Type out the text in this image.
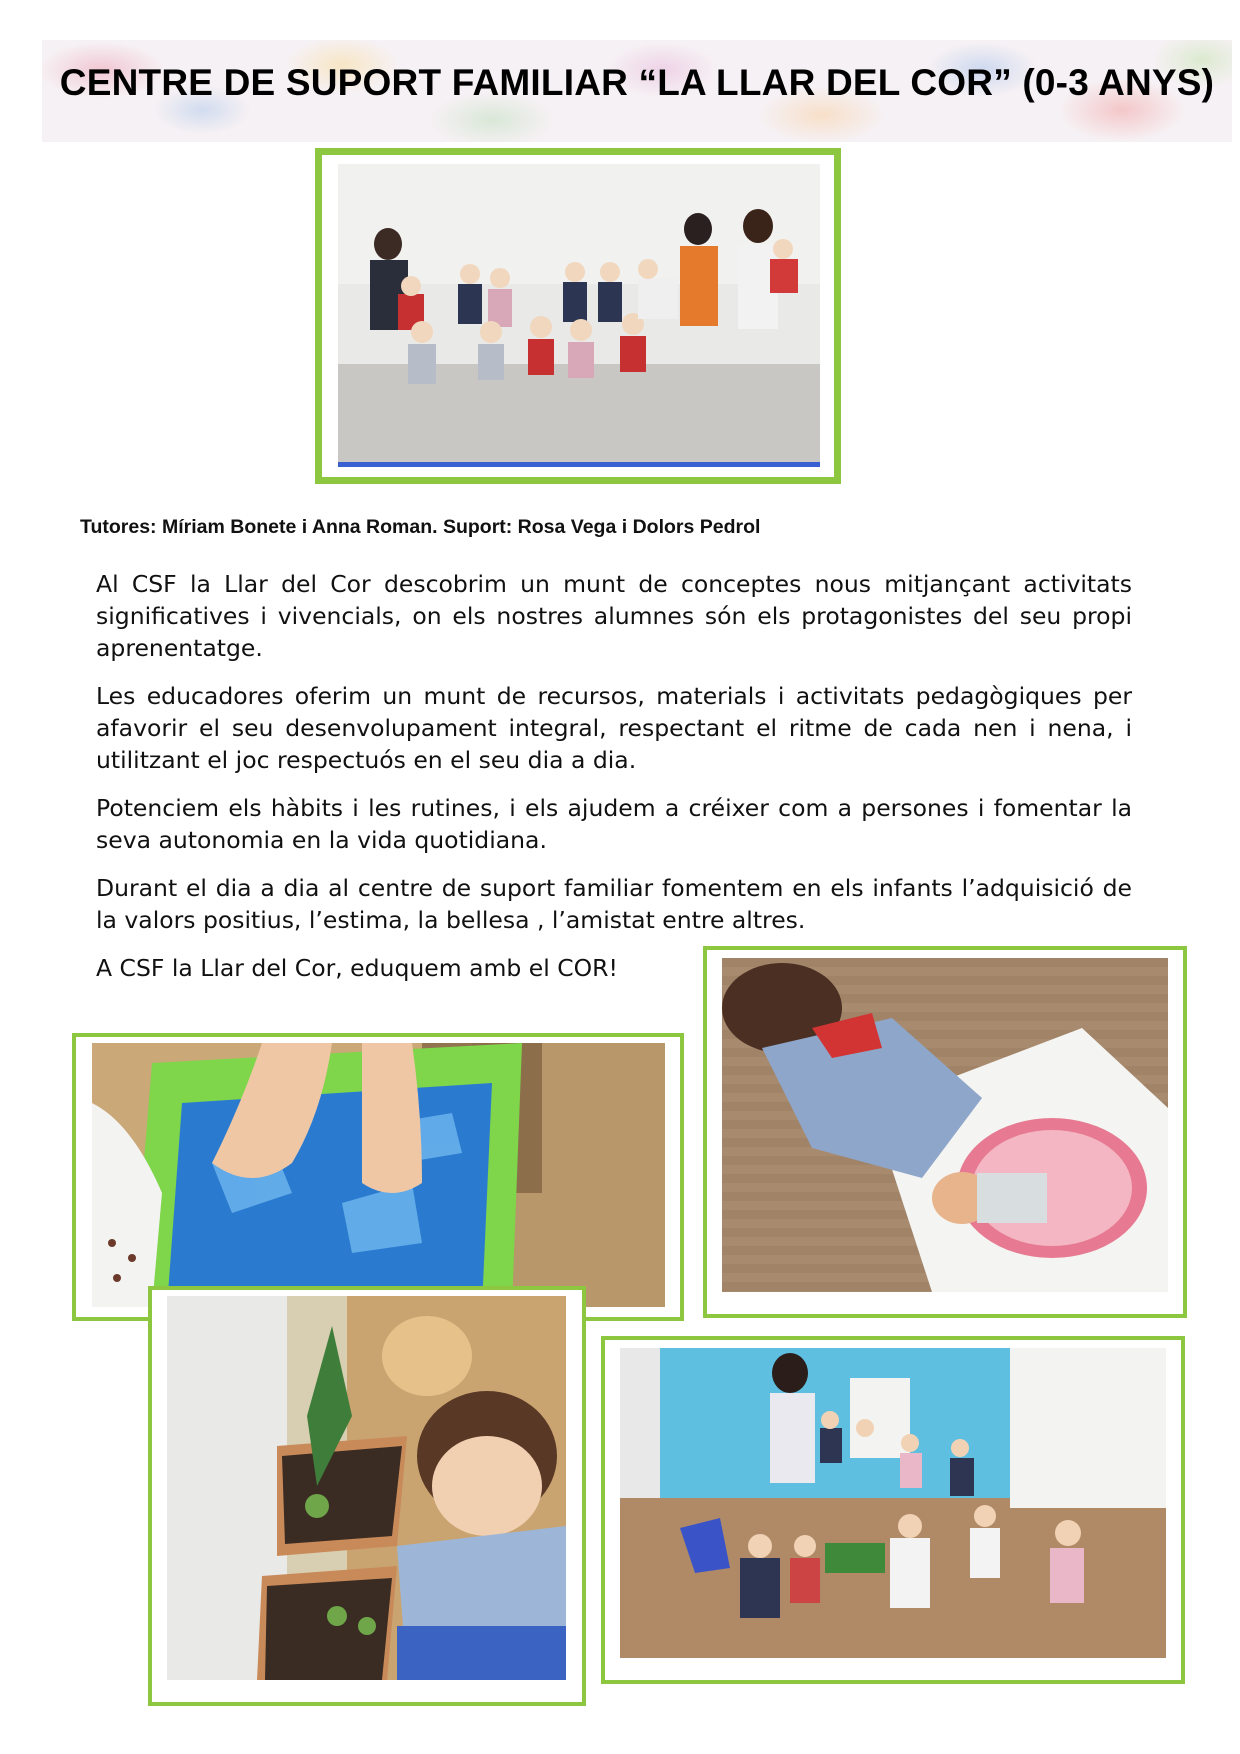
CENTRE DE SUPORT FAMILIAR “LA LLAR DEL COR” (0-3 ANYS)
Tutores: Míriam Bonete i Anna Roman. Suport: Rosa Vega i Dolors Pedrol

Al CSF la Llar del Cor descobrim un munt de conceptes nous mitjançant activitats significatives i vivencials, on els nostres alumnes són els protagonistes del seu propi aprenentatge.

Les educadores oferim un munt de recursos, materials i activitats pedagògiques per afavorir el seu desenvolupament integral, respectant el ritme de cada nen i nena, i utilitzant el joc respectuós en el seu dia a dia.

Potenciem els hàbits i les rutines, i els ajudem a créixer com a persones i fomentar la seva autonomia en la vida quotidiana.

Durant el dia a dia al centre de suport familiar fomentem en els infants l’adquisició de la valors positius, l’estima, la bellesa , l’amistat entre altres.

A CSF la Llar del Cor, eduquem amb el COR!
